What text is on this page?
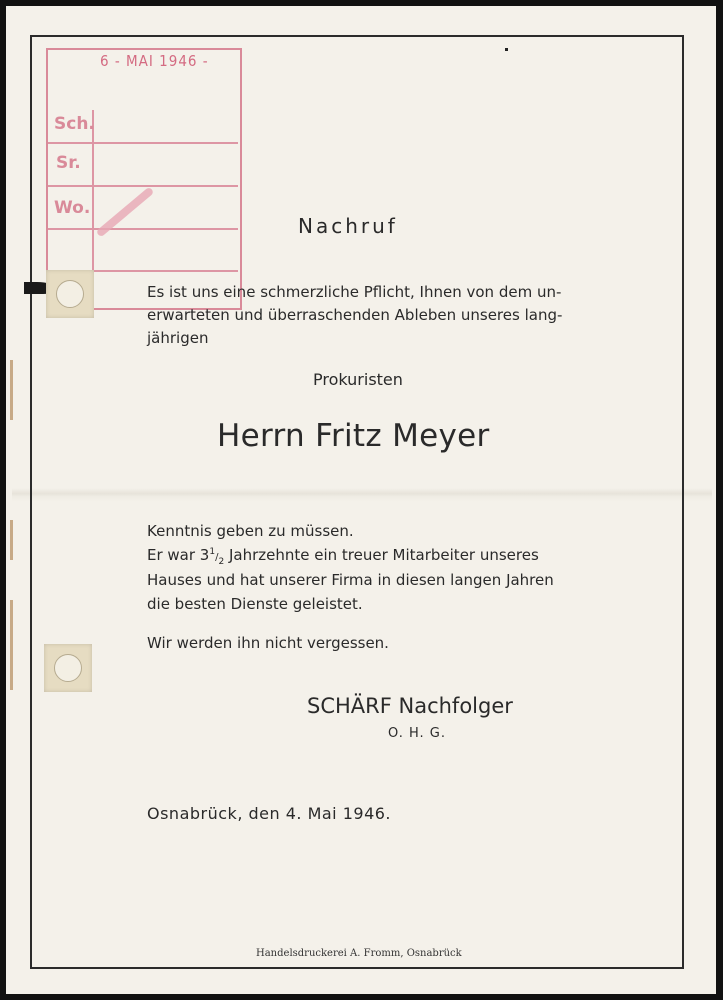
6 - MAI 1946 -
Sch.
Sr.
Wo.
Nachruf
Es ist uns eine schmerzliche Pflicht, Ihnen von dem un-
erwarteten und überraschenden Ableben unseres lang-
jährigen
Prokuristen
Herrn Fritz Meyer
Kenntnis geben zu müssen.
Er war $3^1/_2$ Jahrzehnte ein treuer Mitarbeiter unseres
Hauses und hat unserer Firma in diesen langen Jahren
die besten Dienste geleistet.
Wir werden ihn nicht vergessen.
SCHÄRF Nachfolger
O. H. G.
Osnabrück, den 4. Mai 1946.
Handelsdruckerei A. Fromm, Osnabrück
